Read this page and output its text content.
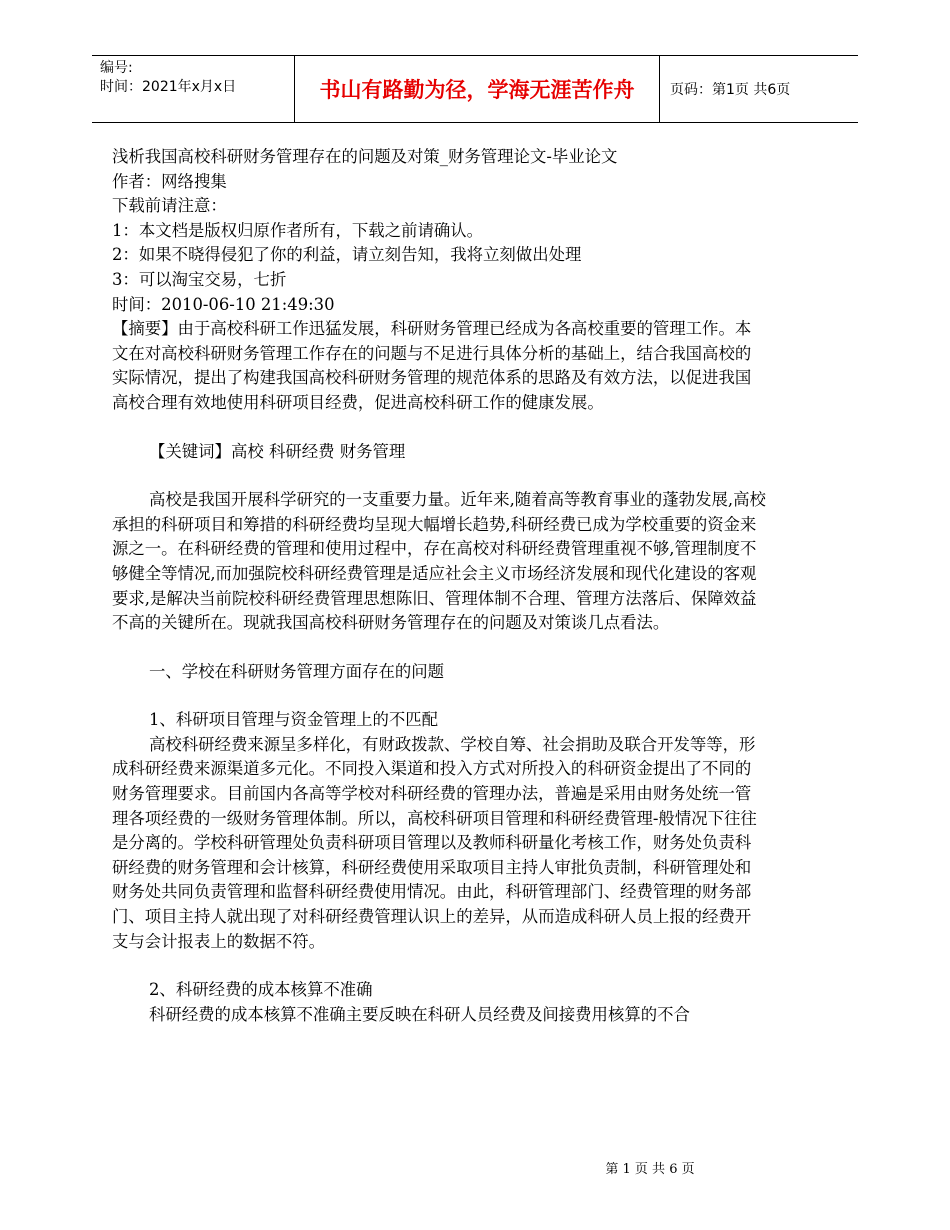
编号:
时间：2021年x月x日	书山有路勤为径，学海无涯苦作舟	页码：第1页 共6页

浅析我国高校科研财务管理存在的问题及对策_财务管理论文-毕业论文

作者：网络搜集

下载前请注意：

1：本文档是版权归原作者所有，下载之前请确认。

2：如果不晓得侵犯了你的利益，请立刻告知，我将立刻做出处理

3：可以淘宝交易，七折

时间：2010-06-10 21:49:30

【摘要】由于高校科研工作迅猛发展，科研财务管理已经成为各高校重要的管理工作。本文在对高校科研财务管理工作存在的问题与不足进行具体分析的基础上，结合我国高校的实际情况，提出了构建我国高校科研财务管理的规范体系的思路及有效方法，以促进我国高校合理有效地使用科研项目经费，促进高校科研工作的健康发展。

【关键词】高校 科研经费 财务管理

高校是我国开展科学研究的一支重要力量。近年来,随着高等教育事业的蓬勃发展,高校承担的科研项目和筹措的科研经费均呈现大幅增长趋势,科研经费已成为学校重要的资金来源之一。在科研经费的管理和使用过程中，存在高校对科研经费管理重视不够,管理制度不够健全等情况,而加强院校科研经费管理是适应社会主义市场经济发展和现代化建设的客观要求,是解决当前院校科研经费管理思想陈旧、管理体制不合理、管理方法落后、保障效益不高的关键所在。现就我国高校科研财务管理存在的问题及对策谈几点看法。

一、学校在科研财务管理方面存在的问题

1、科研项目管理与资金管理上的不匹配

高校科研经费来源呈多样化，有财政拨款、学校自筹、社会捐助及联合开发等等，形成科研经费来源渠道多元化。不同投入渠道和投入方式对所投入的科研资金提出了不同的财务管理要求。目前国内各高等学校对科研经费的管理办法，普遍是采用由财务处统一管理各项经费的一级财务管理体制。所以，高校科研项目管理和科研经费管理-般情况下往往是分离的。学校科研管理处负责科研项目管理以及教师科研量化考核工作，财务处负责科研经费的财务管理和会计核算，科研经费使用采取项目主持人审批负责制，科研管理处和财务处共同负责管理和监督科研经费使用情况。由此，科研管理部门、经费管理的财务部门、项目主持人就出现了对科研经费管理认识上的差异，从而造成科研人员上报的经费开支与会计报表上的数据不符。

2、科研经费的成本核算不准确

科研经费的成本核算不准确主要反映在科研人员经费及间接费用核算的不合

第 1 页 共 6 页
